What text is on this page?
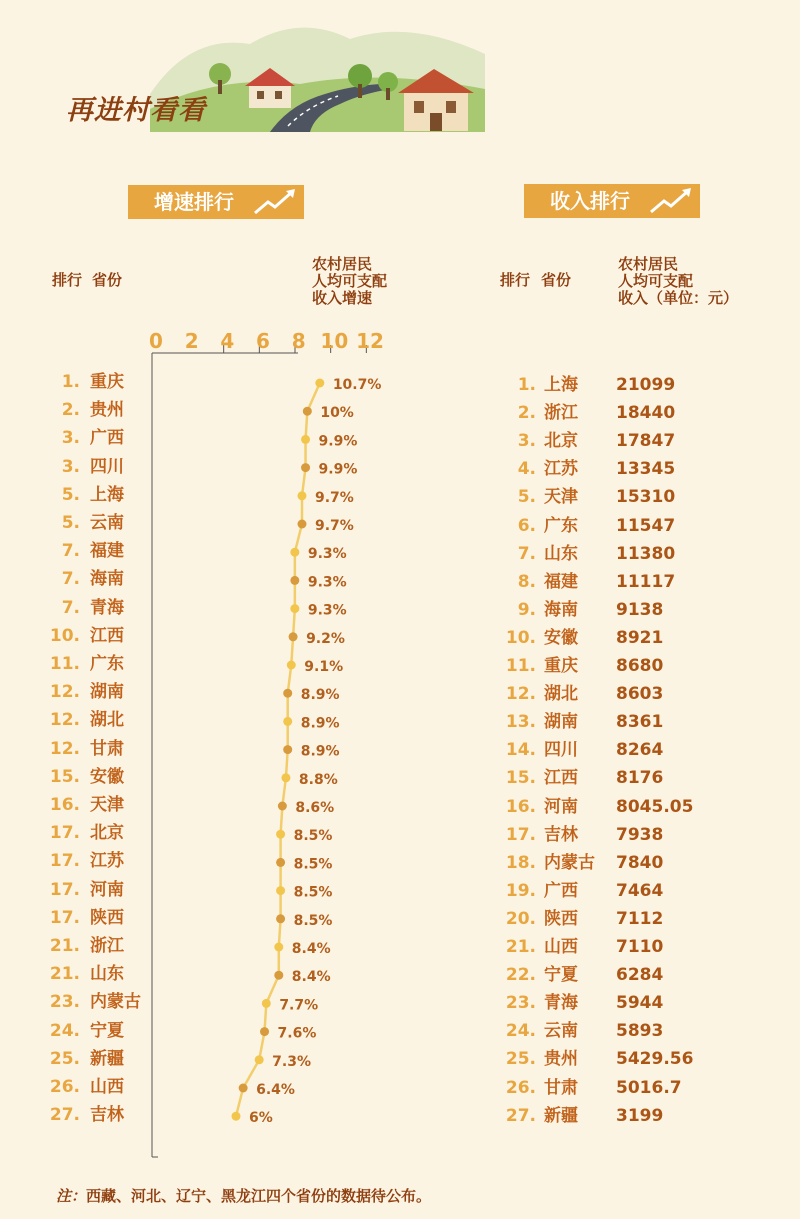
再进村看看
增速排行	收入排行
排行 省份
农村居民
人均可支配
收入增速
排行 省份
农村居民
人均可支配
收入（单位：元）
0 2 4 6 8 10 12
10.7%
10%
9.9%
9.9%
9.7%
9.7%
9.3%
9.3%
9.3%
9.2%
9.1%
8.9%
8.9%
8.9%
8.8%
8.6%
8.5%
8.5%
8.5%
8.5%
8.4%
8.4%
7.7%
7.6%
7.3%
6.4%
6%
1. 重庆
2. 贵州
3. 广西
3. 四川
5. 上海
5. 云南
7. 福建
7. 海南
7. 青海
10. 江西
11. 广东
12. 湖南
12. 湖北
12. 甘肃
15. 安徽
16. 天津
17. 北京
17. 江苏
17. 河南
17. 陕西
21. 浙江
21. 山东
23. 内蒙古
24. 宁夏
25. 新疆
26. 山西
27. 吉林
1. 上海 21099
2. 浙江 18440
3. 北京 17847
4. 江苏 13345
5. 天津 15310
6. 广东 11547
7. 山东 11380
8. 福建 11117
9. 海南 9138
10. 安徽 8921
11. 重庆 8680
12. 湖北 8603
13. 湖南 8361
14. 四川 8264
15. 江西 8176
16. 河南 8045.05
17. 吉林 7938
18. 内蒙古 7840
19. 广西 7464
20. 陕西 7112
21. 山西 7110
22. 宁夏 6284
23. 青海 5944
24. 云南 5893
25. 贵州 5429.56
26. 甘肃 5016.7
27. 新疆 3199

注：西藏、河北、辽宁、黑龙江四个省份的数据待公布。
